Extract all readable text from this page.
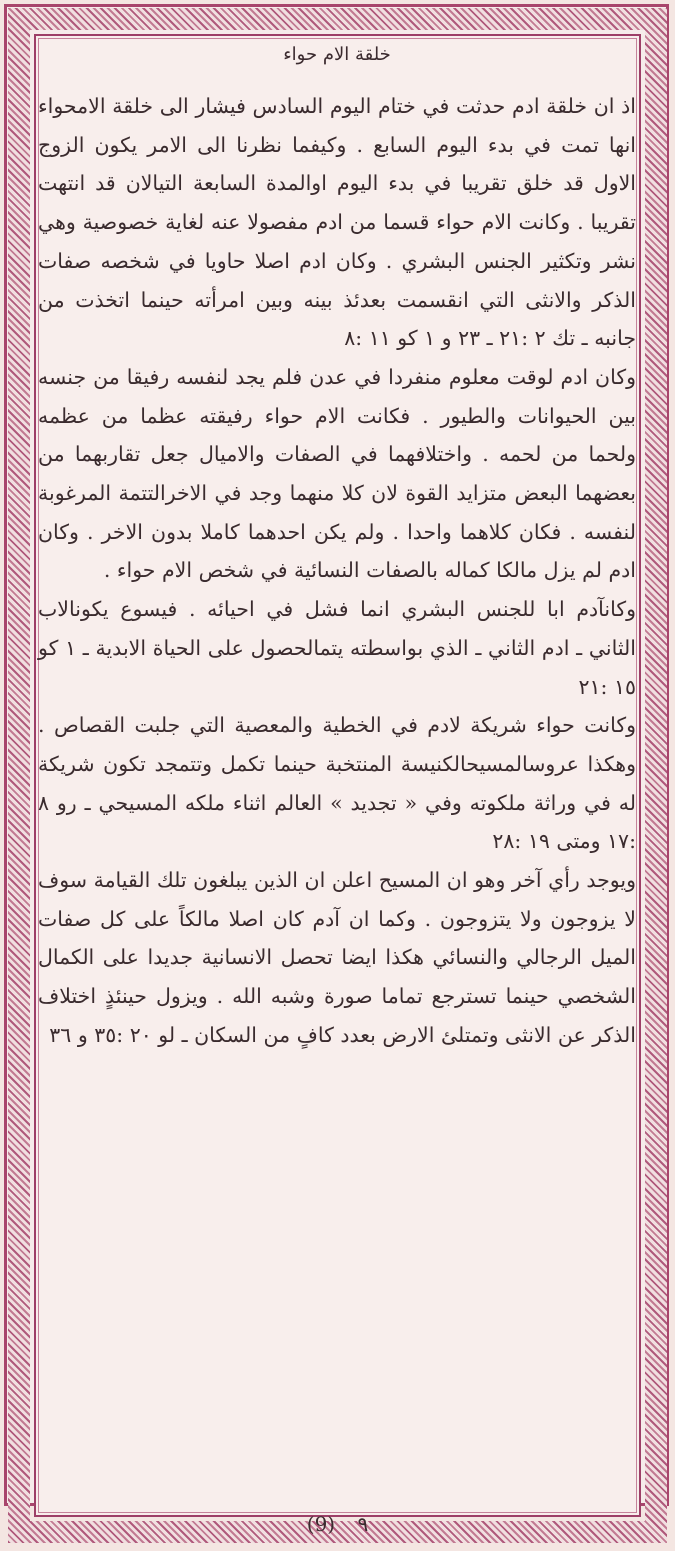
خلقة الام حواء

اذ ان خلقة ادم حدثت في ختام اليوم السادس فيشار الى خلقة الامحواء انها تمت في بدء اليوم السابع . وكيفما نظرنا الى الامر يكون الزوج الاول قد خلق تقريبا في بدء اليوم اوالمدة السابعة التيالان قد انتهت تقريبا . وكانت الام حواء قسما من ادم مفصولا عنه لغاية خصوصية وهي نشر وتكثير الجنس البشري . وكان ادم اصلا حاويا في شخصه صفات الذكر والانثى التي انقسمت بعدئذ بينه وبين امرأته حينما اتخذت من جانبه ـ تك ٢ :٢١ ـ ٢٣ و ١ كو ١١ :٨

وكان ادم لوقت معلوم منفردا في عدن فلم يجد لنفسه رفيقا من جنسه بين الحيوانات والطيور . فكانت الام حواء رفيقته عظما من عظمه ولحما من لحمه . واختلافهما في الصفات والاميال جعل تقاربهما من بعضهما البعض متزايد القوة لان كلا منهما وجد في الاخرالتتمة المرغوبة لنفسه . فكان كلاهما واحدا . ولم يكن احدهما كاملا بدون الاخر . وكان ادم لم يزل مالكا كماله بالصفات النسائية في شخص الام حواء .

وكانآدم ابا للجنس البشري انما فشل في احيائه . فيسوع يكونالاب الثاني ـ ادم الثاني ـ الذي بواسطته يتمالحصول على الحياة الابدية ـ ١ كو ١٥ :٢١

وكانت حواء شريكة لادم في الخطية والمعصية التي جلبت القصاص . وهكذا عروسالمسيحالكنيسة المنتخبة حينما تكمل وتتمجد تكون شريكة له في وراثة ملكوته وفي « تجديد » العالم اثناء ملكه المسيحي ـ رو ٨ :١٧ ومتى ١٩ :٢٨

ويوجد رأي آخر وهو ان المسيح اعلن ان الذين يبلغون تلك القيامة سوف لا يزوجون ولا يتزوجون . وكما ان آدم كان اصلا مالكاً على كل صفات الميل الرجالي والنسائي هكذا ايضا تحصل الانسانية جديدا على الكمال الشخصي حينما تسترجع تماما صورة وشبه الله . ويزول حينئذٍ اختلاف الذكر عن الانثى وتمتلئ الارض بعدد كافٍ من السكان ـ لو ٢٠ :٣٥ و ٣٦

(9) ٩
